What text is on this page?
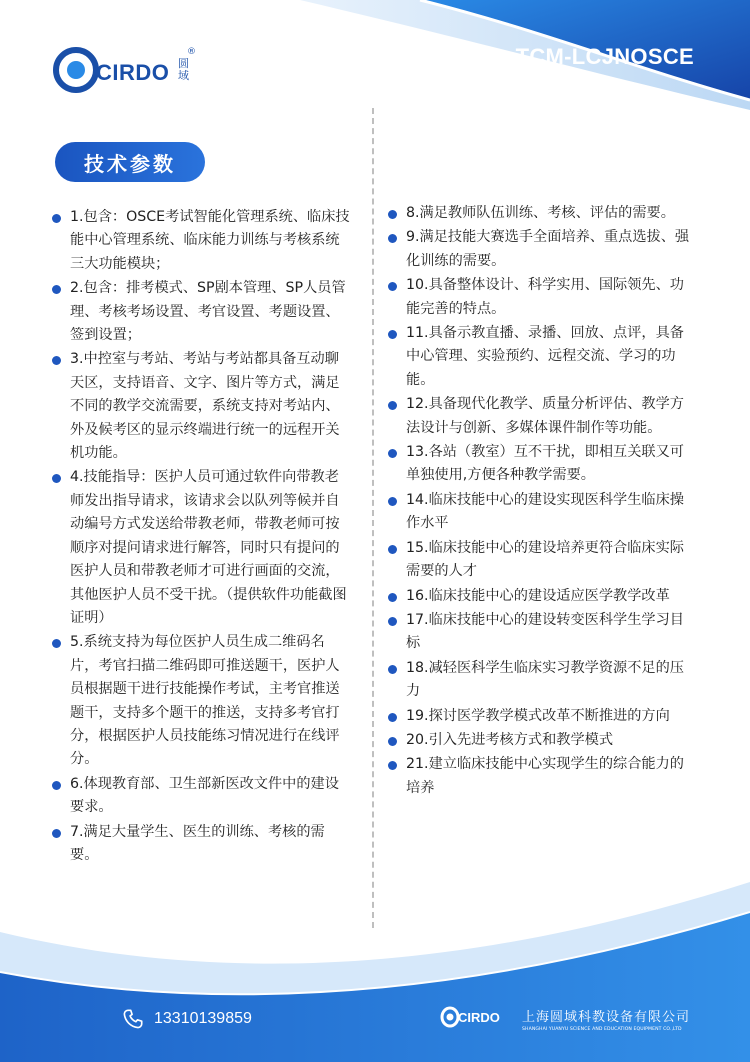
CIRDO 圆域
®	TCM-LCJNOSCE
技术参数
1.包含：OSCE考试智能化管理系统、临床技能中心管理系统、临床能力训练与考核系统三大功能模块；
2.包含：排考模式、SP剧本管理、SP人员管理、考核考场设置、考官设置、考题设置、签到设置；
3.中控室与考站、考站与考站都具备互动聊天区，支持语音、文字、图片等方式，满足不同的教学交流需要，系统支持对考站内、外及候考区的显示终端进行统一的远程开关机功能。
4.技能指导：医护人员可通过软件向带教老师发出指导请求，该请求会以队列等候并自动编号方式发送给带教老师，带教老师可按顺序对提问请求进行解答，同时只有提问的医护人员和带教老师才可进行画面的交流，其他医护人员不受干扰。（提供软件功能截图证明）
5.系统支持为每位医护人员生成二维码名片，考官扫描二维码即可推送题干，医护人员根据题干进行技能操作考试，主考官推送题干，支持多个题干的推送，支持多考官打分，根据医护人员技能练习情况进行在线评分。
6.体现教育部、卫生部新医改文件中的建设要求。
7.满足大量学生、医生的训练、考核的需要。
8.满足教师队伍训练、考核、评估的需要。
9.满足技能大赛选手全面培养、重点选拔、强化训练的需要。
10.具备整体设计、科学实用、国际领先、功能完善的特点。
11.具备示教直播、录播、回放、点评，具备中心管理、实验预约、远程交流、学习的功能。
12.具备现代化教学、质量分析评估、教学方法设计与创新、多媒体课件制作等功能。
13.各站（教室）互不干扰，即相互关联又可单独使用,方便各种教学需要。
14.临床技能中心的建设实现医科学生临床操作水平
15.临床技能中心的建设培养更符合临床实际需要的人才
16.临床技能中心的建设适应医学教学改革
17.临床技能中心的建设转变医科学生学习目标
18.减轻医科学生临床实习教学资源不足的压力
19.探讨医学教学模式改革不断推进的方向
20.引入先进考核方式和教学模式
21.建立临床技能中心实现学生的综合能力的培养
13310139859	CIRDO 上海圆域科教设备有限公司
SHANGHAI YUANYU SCIENCE AND EDUCATION EQUIPMENT CO.,LTD
